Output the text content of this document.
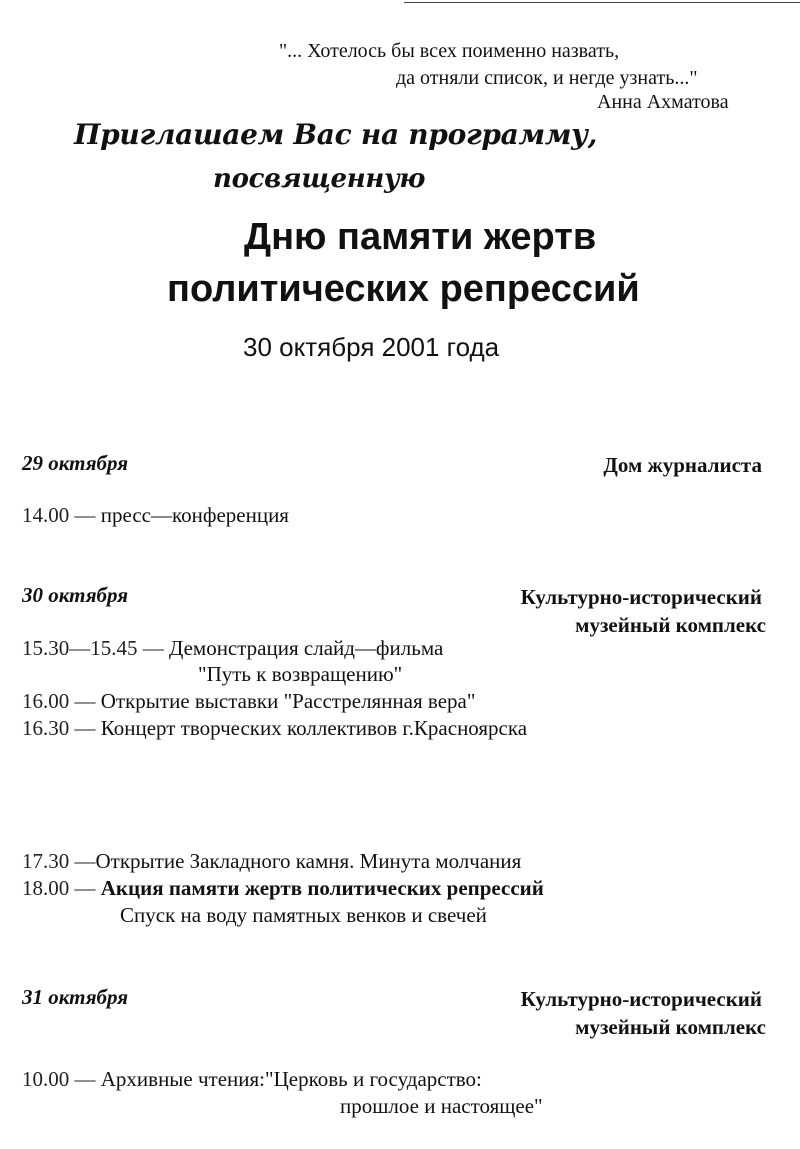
"... Хотелось бы всех поименно назвать,
да отняли список, и негде узнать..."
Анна Ахматова
Приглашаем Вас на программу,
посвященную
Дню памяти жертв
политических репрессий
30 октября 2001 года
29 октября	Дом журналиста
14.00 — пресс—конференция
30 октября	Культурно-исторический
музейный комплекс
15.30—15.45 — Демонстрация слайд—фильма
"Путь к возвращению"
16.00 — Открытие выставки "Расстрелянная вера"
16.30 — Концерт творческих коллективов г.Красноярска
17.30 —Открытие Закладного камня. Минута молчания
18.00 — Акция памяти жертв политических репрессий
Спуск на воду памятных венков и свечей
31 октября	Культурно-исторический
музейный комплекс
10.00 — Архивные чтения:"Церковь и государство:
прошлое и настоящее"
